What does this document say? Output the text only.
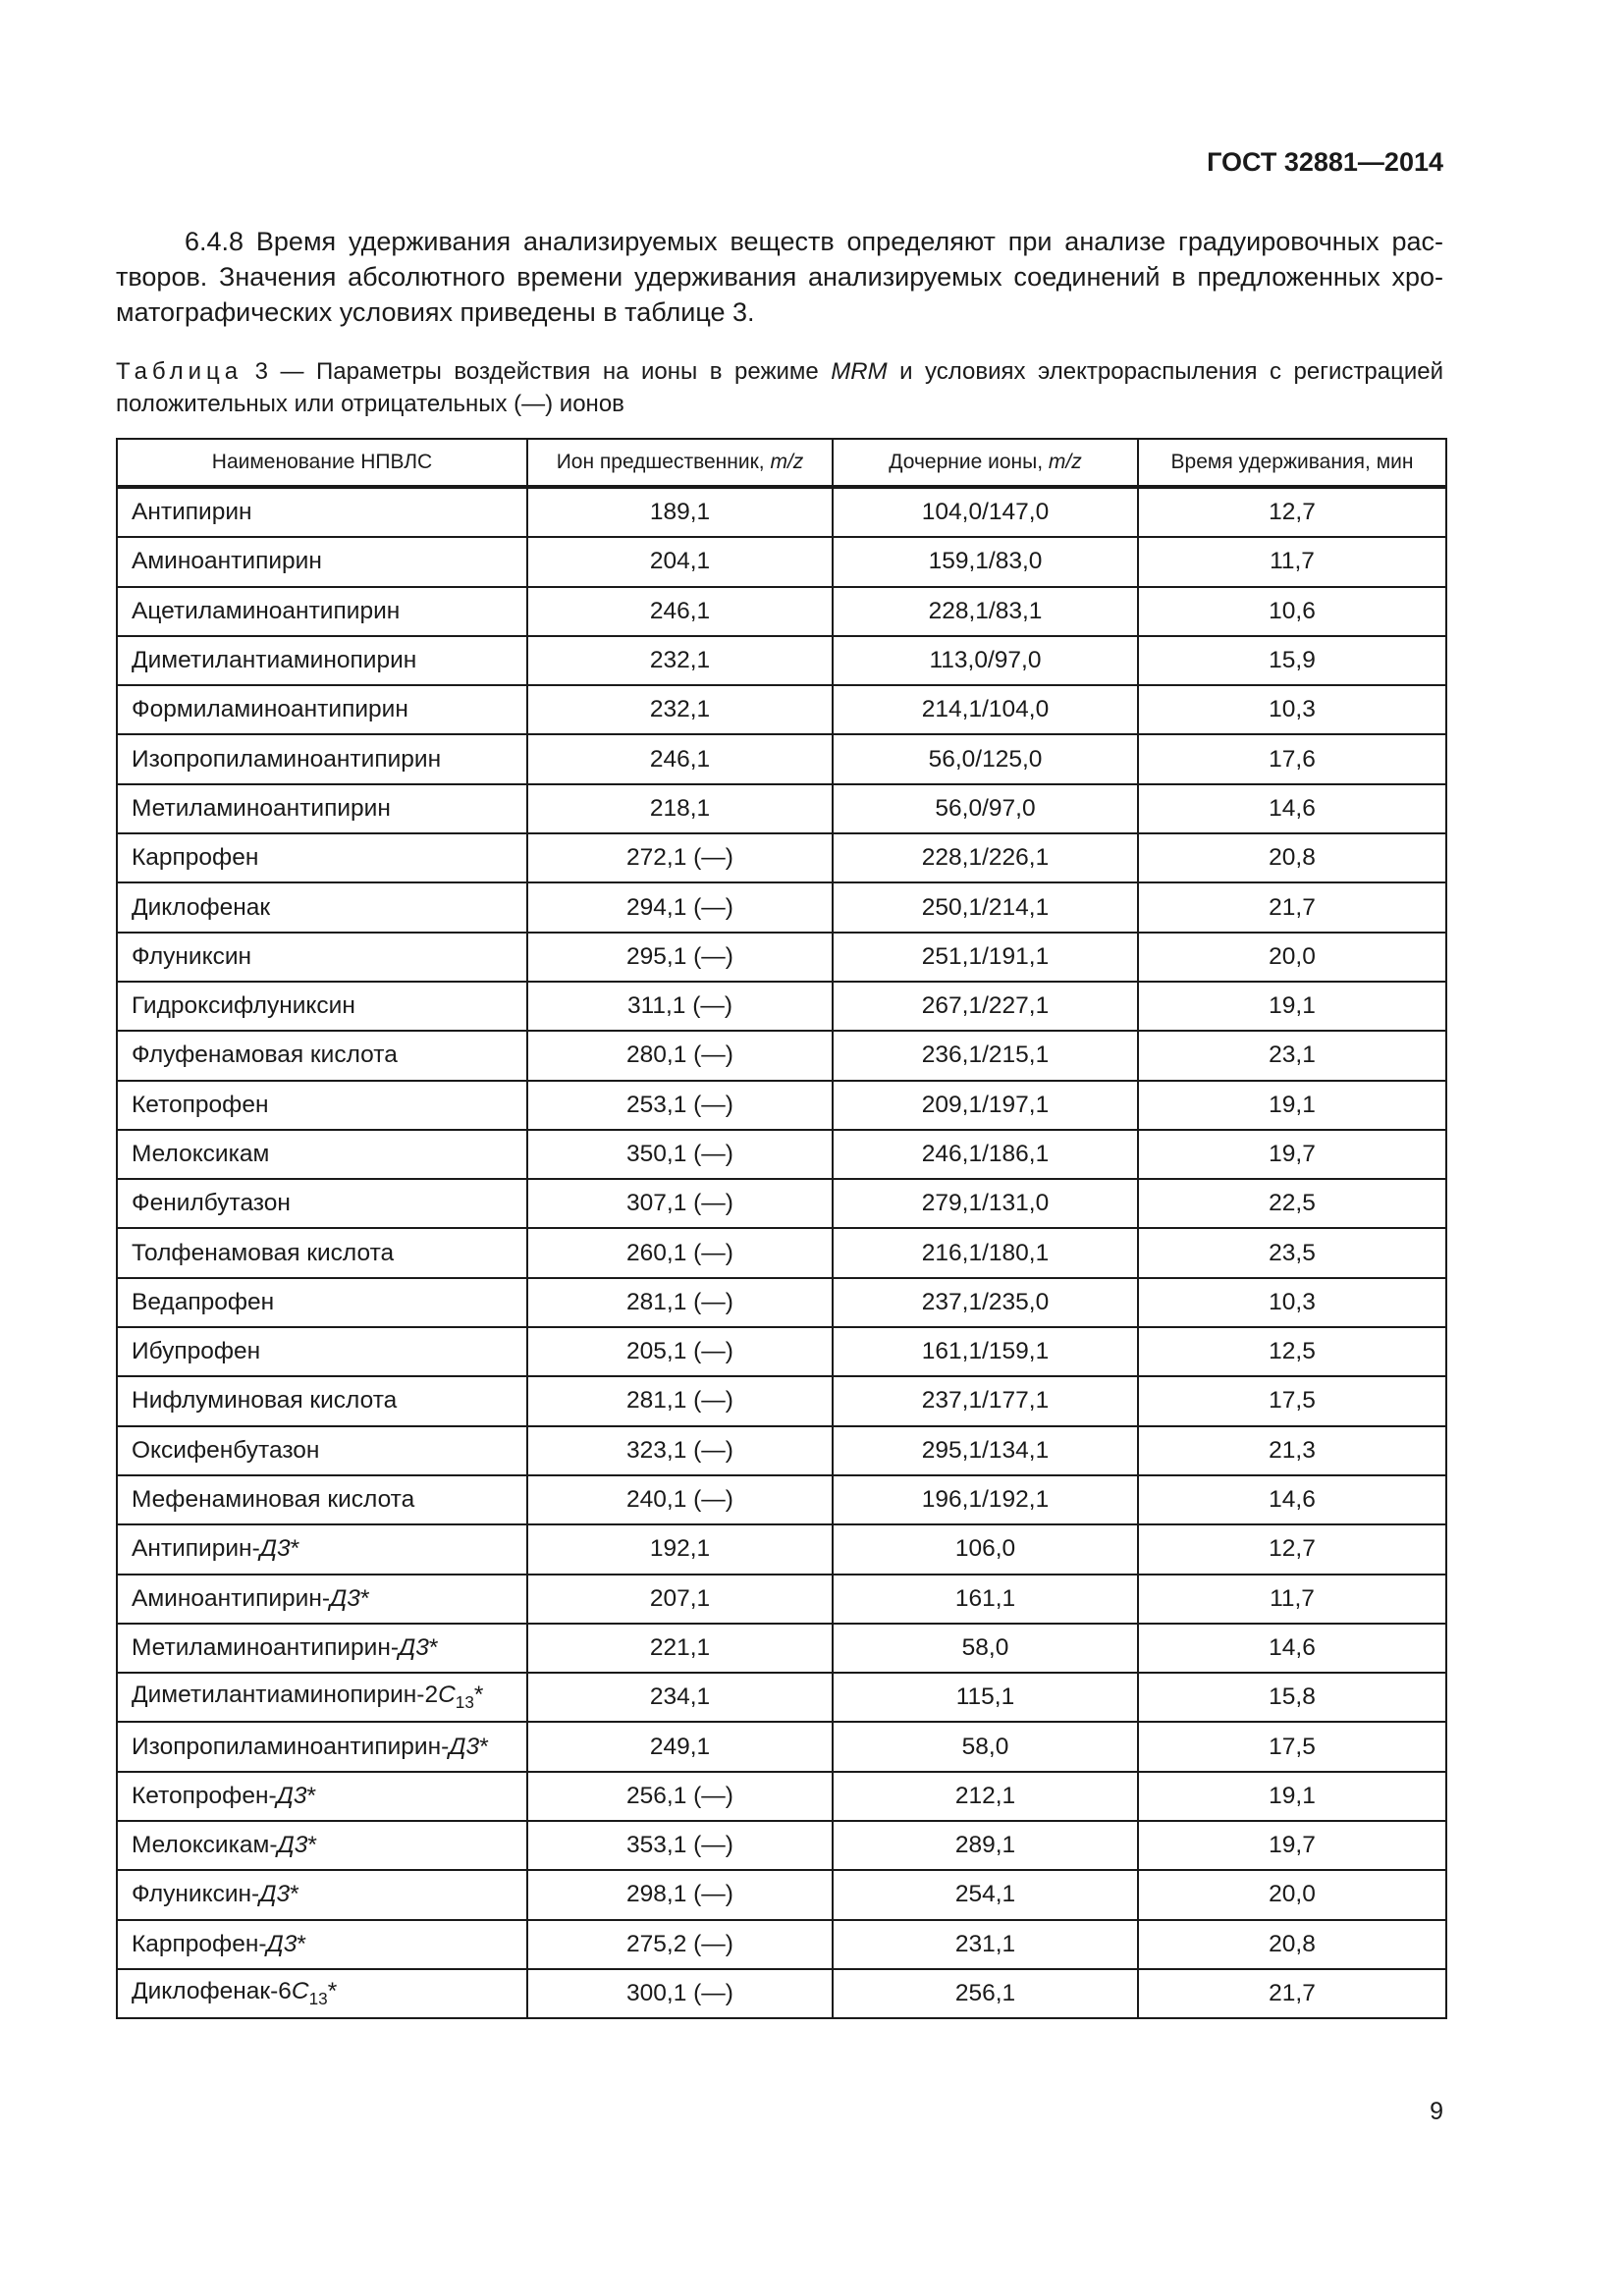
ГОСТ 32881—2014
6.4.8 Время удерживания анализируемых веществ определяют при анализе градуировочных рас-
творов. Значения абсолютного времени удерживания анализируемых соединений в предложенных хро-
матографических условиях приведены в таблице 3.
Таблица 3 — Параметры воздействия на ионы в режиме MRM и условиях электрораспыления с регистрацией
положительных или отрицательных (—) ионов
Наименование НПВЛС	Ион предшественник, m/z	Дочерние ионы, m/z	Время удерживания, мин
Антипирин	189,1	104,0/147,0	12,7
Аминоантипирин	204,1	159,1/83,0	11,7
Ацетиламиноантипирин	246,1	228,1/83,1	10,6
Диметилантиаминопирин	232,1	113,0/97,0	15,9
Формиламиноантипирин	232,1	214,1/104,0	10,3
Изопропиламиноантипирин	246,1	56,0/125,0	17,6
Метиламиноантипирин	218,1	56,0/97,0	14,6
Карпрофен	272,1 (—)	228,1/226,1	20,8
Диклофенак	294,1 (—)	250,1/214,1	21,7
Флуниксин	295,1 (—)	251,1/191,1	20,0
Гидроксифлуниксин	311,1 (—)	267,1/227,1	19,1
Флуфенамовая кислота	280,1 (—)	236,1/215,1	23,1
Кетопрофен	253,1 (—)	209,1/197,1	19,1
Мелоксикам	350,1 (—)	246,1/186,1	19,7
Фенилбутазон	307,1 (—)	279,1/131,0	22,5
Толфенамовая кислота	260,1 (—)	216,1/180,1	23,5
Ведапрофен	281,1 (—)	237,1/235,0	10,3
Ибупрофен	205,1 (—)	161,1/159,1	12,5
Нифлуминовая кислота	281,1 (—)	237,1/177,1	17,5
Оксифенбутазон	323,1 (—)	295,1/134,1	21,3
Мефенаминовая кислота	240,1 (—)	196,1/192,1	14,6
Антипирин-Д3*	192,1	106,0	12,7
Аминоантипирин-Д3*	207,1	161,1	11,7
Метиламиноантипирин-Д3*	221,1	58,0	14,6
Диметилантиаминопирин-$2С_{13}*$	234,1	115,1	15,8
Изопропиламиноантипирин-Д3*	249,1	58,0	17,5
Кетопрофен-Д3*	256,1 (—)	212,1	19,1
Мелоксикам-Д3*	353,1 (—)	289,1	19,7
Флуниксин-Д3*	298,1 (—)	254,1	20,0
Карпрофен-Д3*	275,2 (—)	231,1	20,8
Диклофенак-$6С_{13}*$	300,1 (—)	256,1	21,7
9
